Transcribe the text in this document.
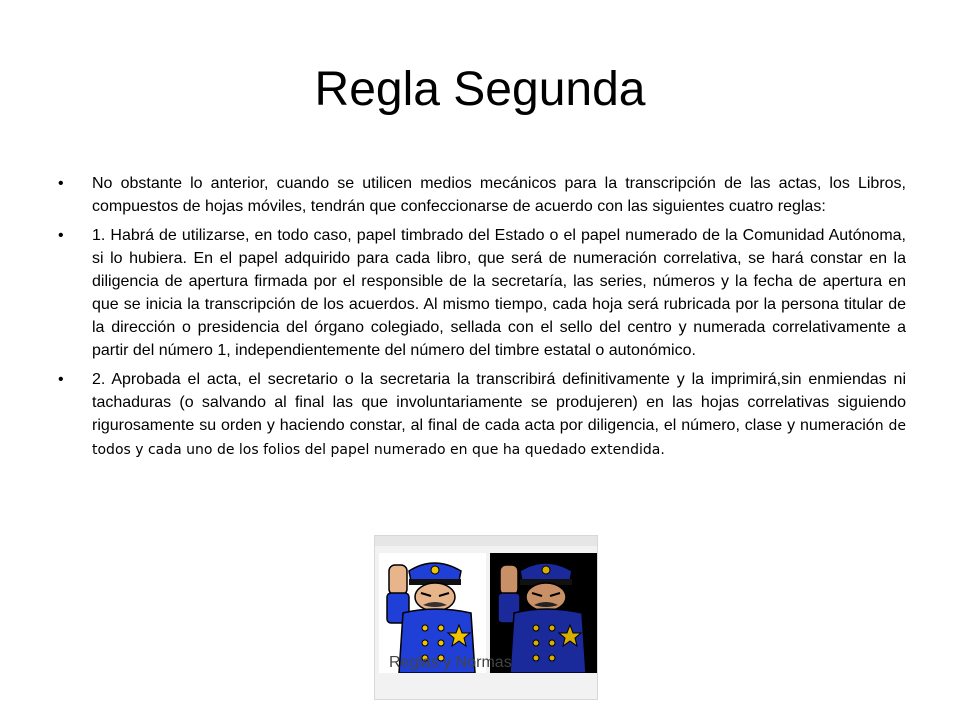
Regla Segunda
• No obstante lo anterior, cuando se utilicen medios mecánicos para la transcripción de las actas, los Libros, compuestos de hojas móviles, tendrán que confeccionarse de acuerdo con las siguientes cuatro reglas:

• 1. Habrá de utilizarse, en todo caso, papel timbrado del Estado o el papel numerado de la Comunidad Autónoma, si lo hubiera. En el papel adquirido para cada libro, que será de numeración correlativa, se hará constar en la diligencia de apertura firmada por el responsible de la secretaría, las series, números y la fecha de apertura en que se inicia la transcripción de los acuerdos. Al mismo tiempo, cada hoja será rubricada por la persona titular de la dirección o presidencia del órgano colegiado, sellada con el sello del centro y numerada correlativamente a partir del número 1, independientemente del número del timbre estatal o autonómico.

• 2. Aprobada el acta, el secretario o la secretaria la transcribirá definitivamente y la imprimirá,sin enmiendas ni tachaduras (o salvando al final las que involuntariamente se produjeren) en las hojas correlativas siguiendo rigurosamente su orden y haciendo constar, al final de cada acta por diligencia, el número, clase y numeración de todos y cada uno de los folios del papel numerado en que ha quedado extendida.

Reglas y Normas
